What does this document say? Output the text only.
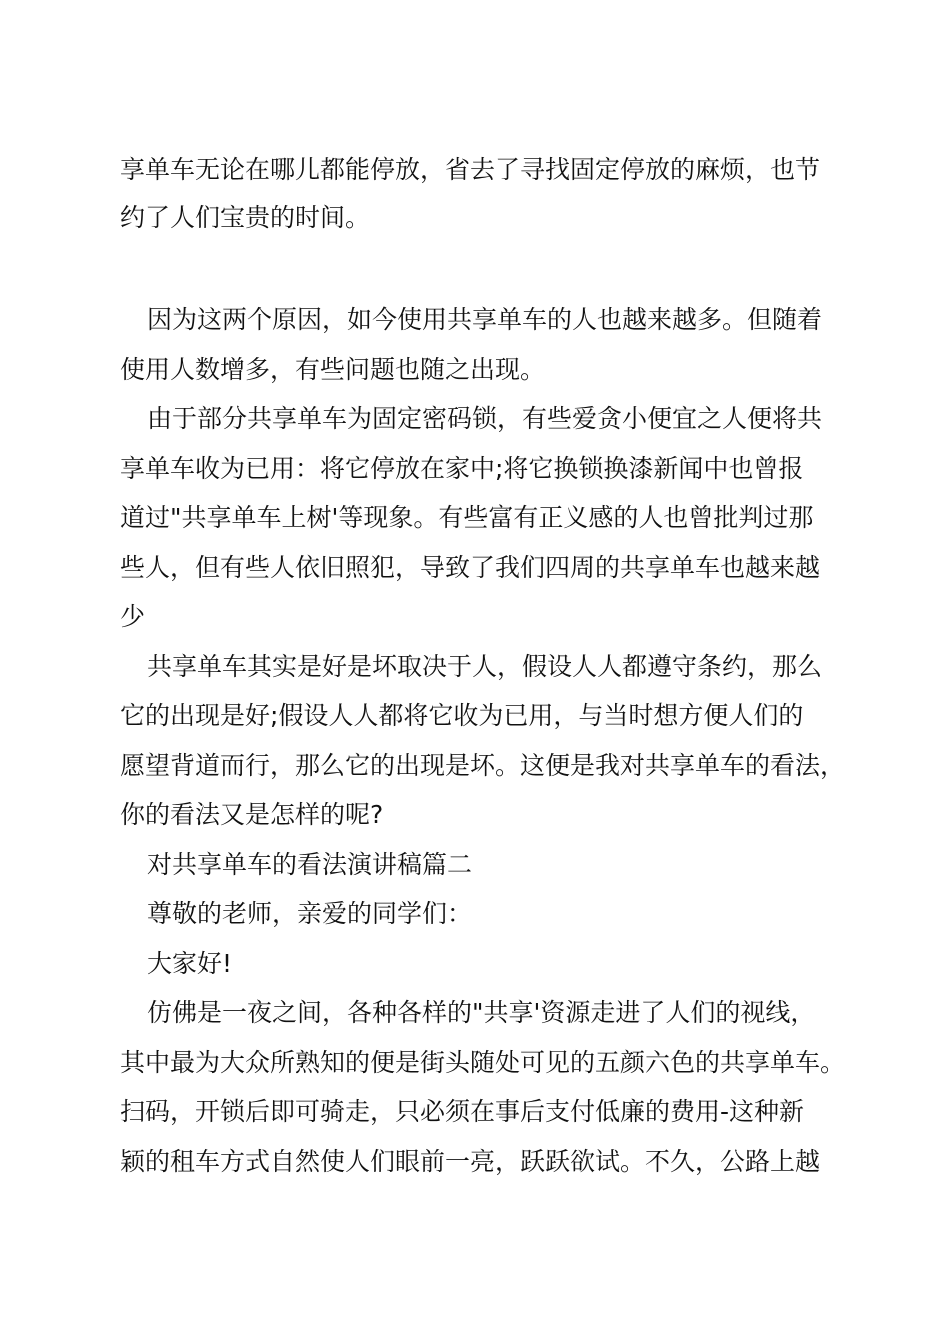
享单车无论在哪儿都能停放，省去了寻找固定停放的麻烦，也节

约了人们宝贵的时间。

因为这两个原因，如今使用共享单车的人也越来越多。但随着

使用人数增多，有些问题也随之出现。

由于部分共享单车为固定密码锁，有些爱贪小便宜之人便将共

享单车收为已用：将它停放在家中;将它换锁换漆新闻中也曾报

道过"共享单车上树'等现象。有些富有正义感的人也曾批判过那

些人，但有些人依旧照犯，导致了我们四周的共享单车也越来越

少

共享单车其实是好是坏取决于人，假设人人都遵守条约，那么

它的出现是好;假设人人都将它收为已用，与当时想方便人们的

愿望背道而行，那么它的出现是坏。这便是我对共享单车的看法，

你的看法又是怎样的呢?

对共享单车的看法演讲稿篇二

尊敬的老师，亲爱的同学们：

大家好!

仿佛是一夜之间，各种各样的"共享'资源走进了人们的视线，

其中最为大众所熟知的便是街头随处可见的五颜六色的共享单车。

扫码，开锁后即可骑走，只必须在事后支付低廉的费用-这种新

颖的租车方式自然使人们眼前一亮，跃跃欲试。不久，公路上越
